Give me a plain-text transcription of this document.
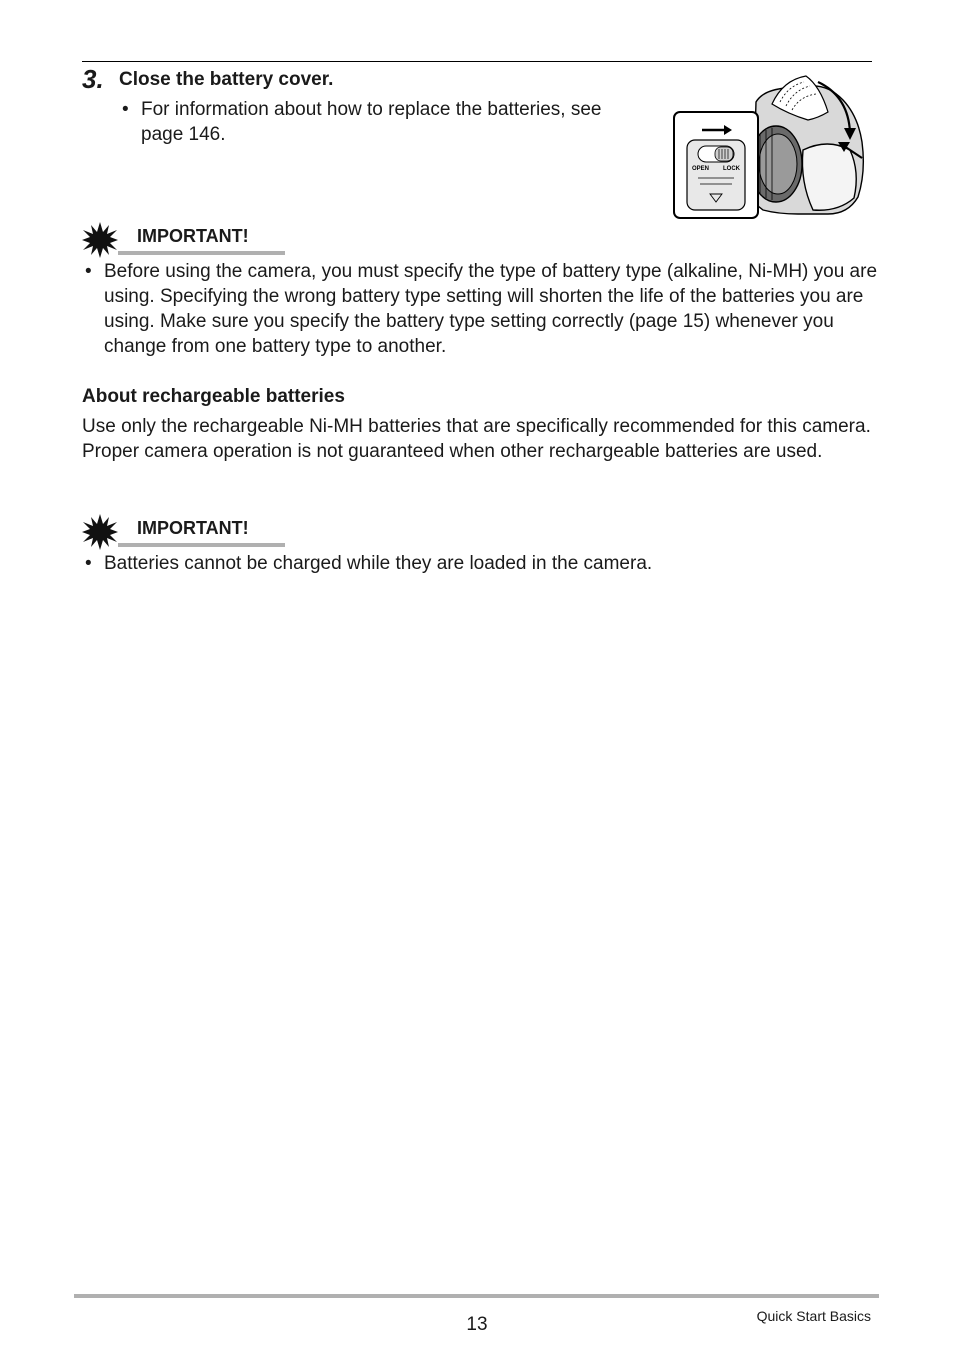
3. Close the battery cover.
• For information about how to replace the batteries, see page 146.
OPEN LOCK
IMPORTANT!
• Before using the camera, you must specify the type of battery type (alkaline, Ni-MH) you are using. Specifying the wrong battery type setting will shorten the life of the batteries you are using. Make sure you specify the battery type setting correctly (page 15) whenever you change from one battery type to another.
About rechargeable batteries
Use only the rechargeable Ni-MH batteries that are specifically recommended for this camera. Proper camera operation is not guaranteed when other rechargeable batteries are used.
IMPORTANT!
• Batteries cannot be charged while they are loaded in the camera.
13	Quick Start Basics
